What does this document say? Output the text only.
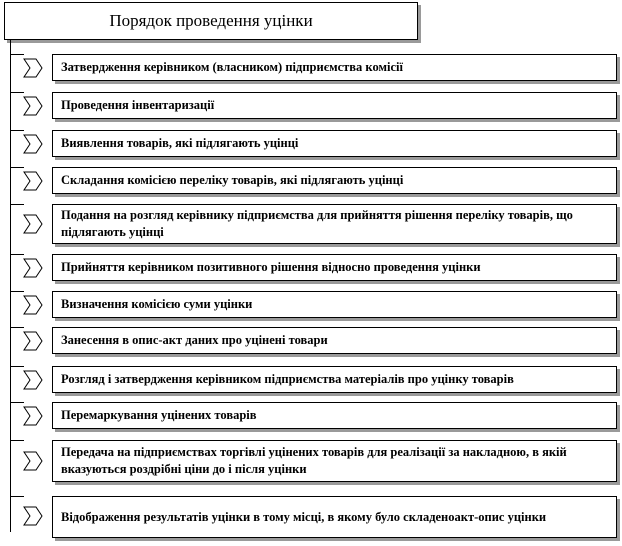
Порядок проведення уцінки
Затвердження керівником (власником) підприємства комісії
Проведення інвентаризації
Виявлення товарів, які підлягають уцінці
Складання комісією переліку товарів, які підлягають уцінці
Подання на розгляд керівнику підприємства для прийняття рішення переліку товарів, що підлягають уцінці
Прийняття керівником позитивного рішення відносно проведення уцінки
Визначення комісією суми уцінки
Занесення в опис-акт даних про уцінені товари
Розгляд і затвердження керівником підприємства матеріалів про уцінку товарів
Перемаркування уцінених товарів
Передача на підприємствах торгівлі уцінених товарів для реалізації за накладною, в якій вказуються роздрібні ціни до і після уцінки
Відображення результатів уцінки в тому місці, в якому було складеноакт-опис уцінки
